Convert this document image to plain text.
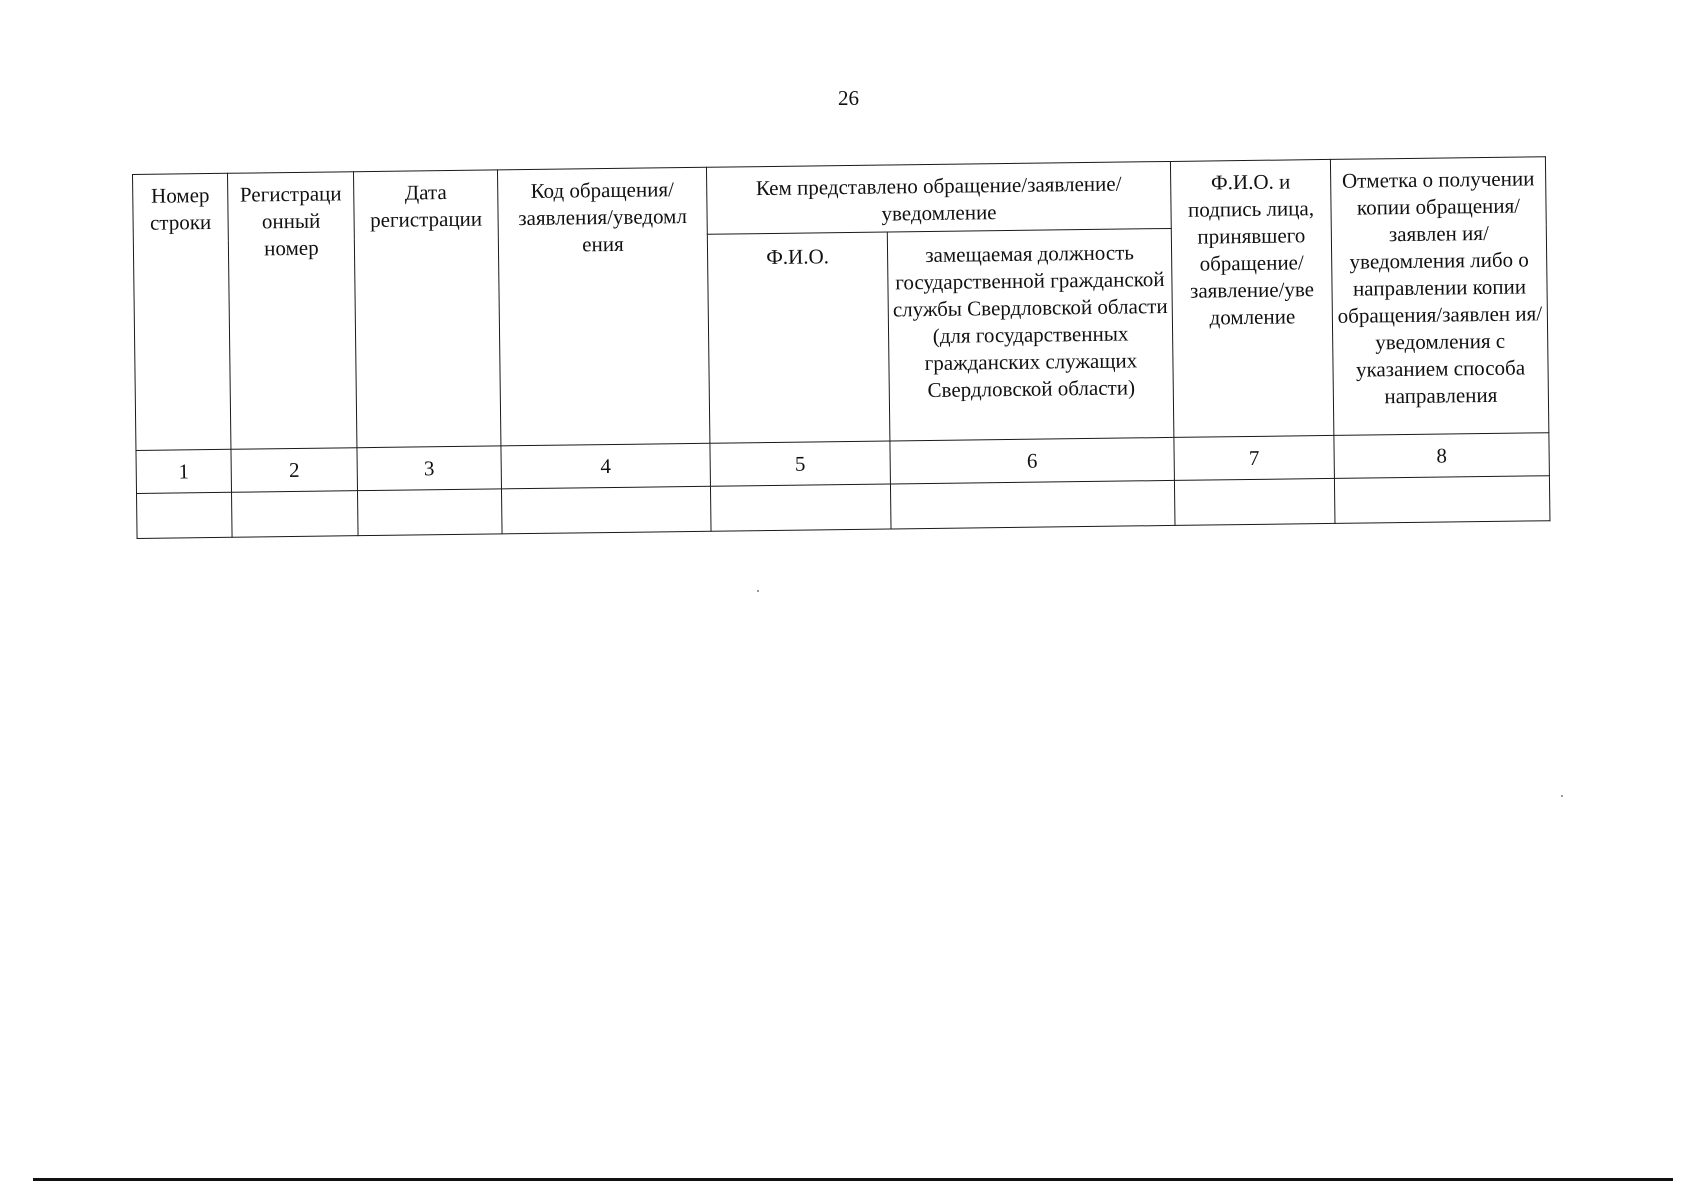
26
Номер строки	Регистраци онный номер	Дата регистрации	Код обращения/ заявления/уведомл ения	Кем представлено обращение/заявление/уведомление		Ф.И.О. и подпись лица, принявшего обращение/ заявление/уве домление	Отметка о получении копии обращения/заявлен ия/уведомления либо о направлении копии обращения/заявлен ия/уведомления с указанием способа направления
				Ф.И.О.	замещаемая должность государственной гражданской службы Свердловской области (для государственных гражданских служащих Свердловской области)		
1	2	3	4	5	6	7	8
